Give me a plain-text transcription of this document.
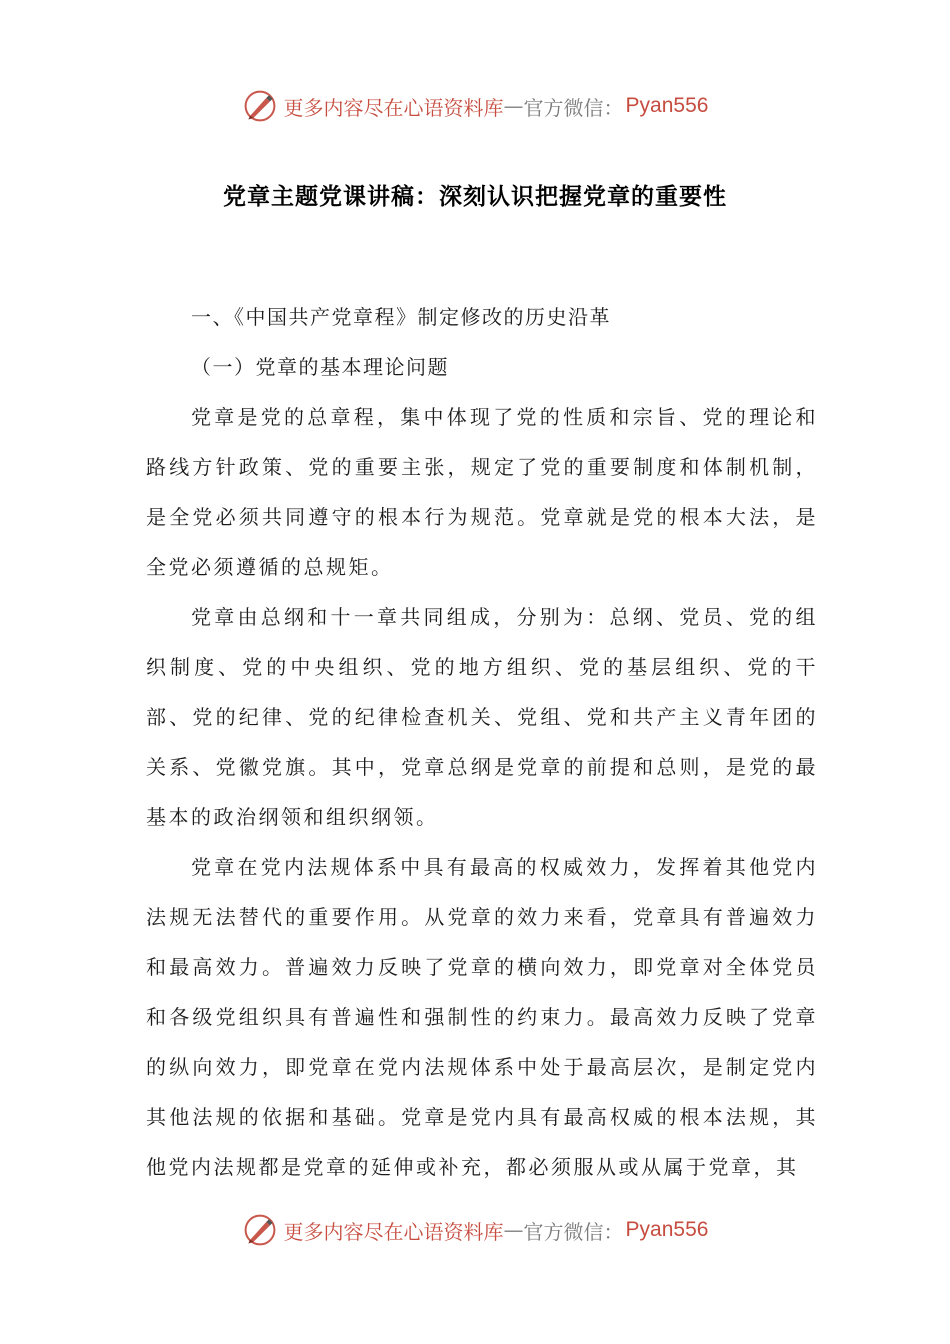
更多内容尽在心语资料库 — 官方微信： Pyan556
党章主题党课讲稿：深刻认识把握党章的重要性

一、《中国共产党章程》制定修改的历史沿革

（一）党章的基本理论问题

党章是党的总章程，集中体现了党的性质和宗旨、党的理论和路线方针政策、党的重要主张，规定了党的重要制度和体制机制，是全党必须共同遵守的根本行为规范。党章就是党的根本大法，是全党必须遵循的总规矩。

党章由总纲和十一章共同组成，分别为：总纲、党员、党的组织制度、党的中央组织、党的地方组织、党的基层组织、党的干部、党的纪律、党的纪律检查机关、党组、党和共产主义青年团的关系、党徽党旗。其中，党章总纲是党章的前提和总则，是党的最基本的政治纲领和组织纲领。

党章在党内法规体系中具有最高的权威效力，发挥着其他党内法规无法替代的重要作用。从党章的效力来看，党章具有普遍效力和最高效力。普遍效力反映了党章的横向效力，即党章对全体党员和各级党组织具有普遍性和强制性的约束力。最高效力反映了党章的纵向效力，即党章在党内法规体系中处于最高层次，是制定党内其他法规的依据和基础。党章是党内具有最高权威的根本法规，其他党内法规都是党章的延伸或补充，都必须服从或从属于党章，其

更多内容尽在心语资料库 — 官方微信： Pyan556
